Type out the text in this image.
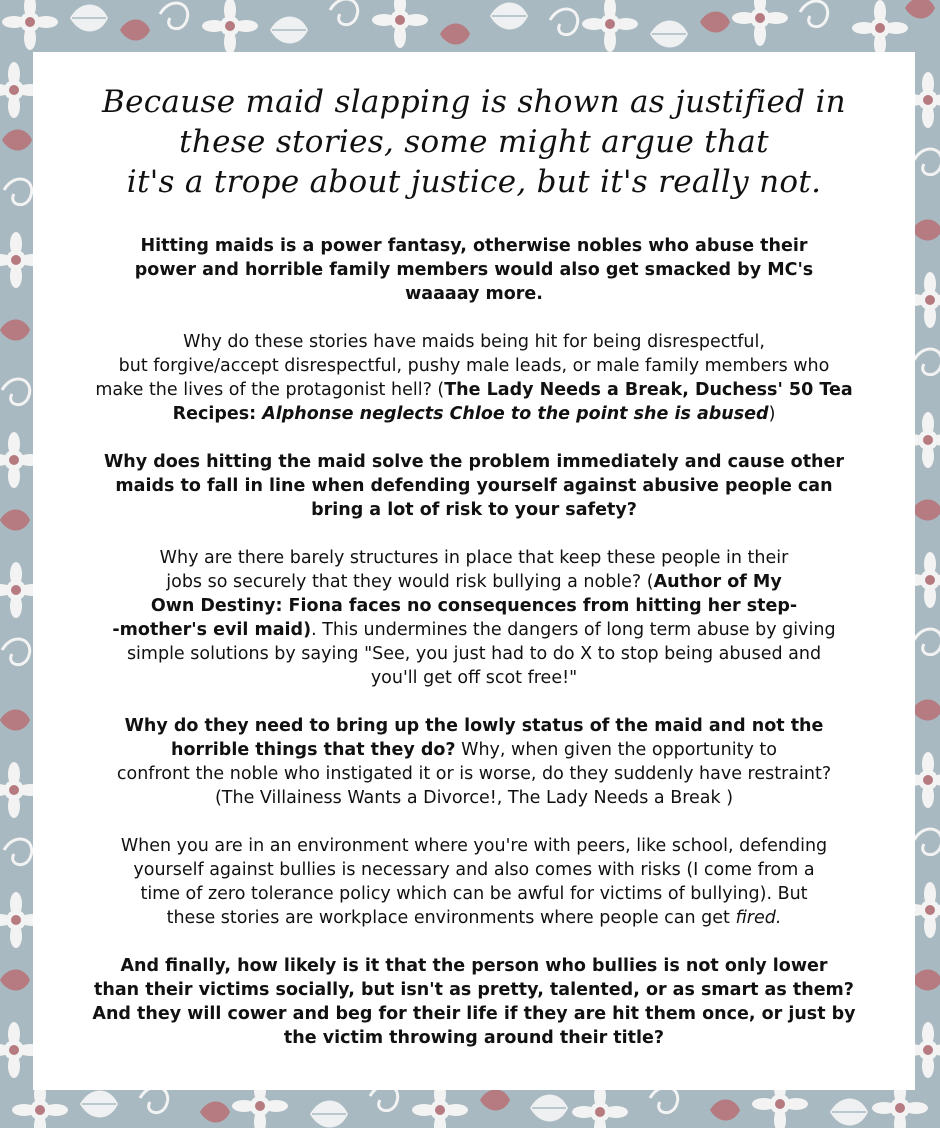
Because maid slapping is shown as justified in
these stories, some might argue that
it's a trope about justice, but it's really not.

Hitting maids is a power fantasy, otherwise nobles who abuse their
power and horrible family members would also get smacked by MC's
waaaay more.

Why do these stories have maids being hit for being disrespectful,
but forgive/accept disrespectful, pushy male leads, or male family members who
make the lives of the protagonist hell? (The Lady Needs a Break, Duchess' 50 Tea
Recipes: Alphonse neglects Chloe to the point she is abused)

Why does hitting the maid solve the problem immediately and cause other
maids to fall in line when defending yourself against abusive people can
bring a lot of risk to your safety?

Why are there barely structures in place that keep these people in their
jobs so securely that they would risk bullying a noble? (Author of My
Own Destiny: Fiona faces no consequences from hitting her step-
-mother's evil maid). This undermines the dangers of long term abuse by giving
simple solutions by saying "See, you just had to do X to stop being abused and
you'll get off scot free!"

Why do they need to bring up the lowly status of the maid and not the
horrible things that they do? Why, when given the opportunity to
confront the noble who instigated it or is worse, do they suddenly have restraint?
(The Villainess Wants a Divorce!, The Lady Needs a Break )

When you are in an environment where you're with peers, like school, defending
yourself against bullies is necessary and also comes with risks (I come from a
time of zero tolerance policy which can be awful for victims of bullying). But
these stories are workplace environments where people can get fired.

And finally, how likely is it that the person who bullies is not only lower
than their victims socially, but isn't as pretty, talented, or as smart as them?
And they will cower and beg for their life if they are hit them once, or just by
the victim throwing around their title?
